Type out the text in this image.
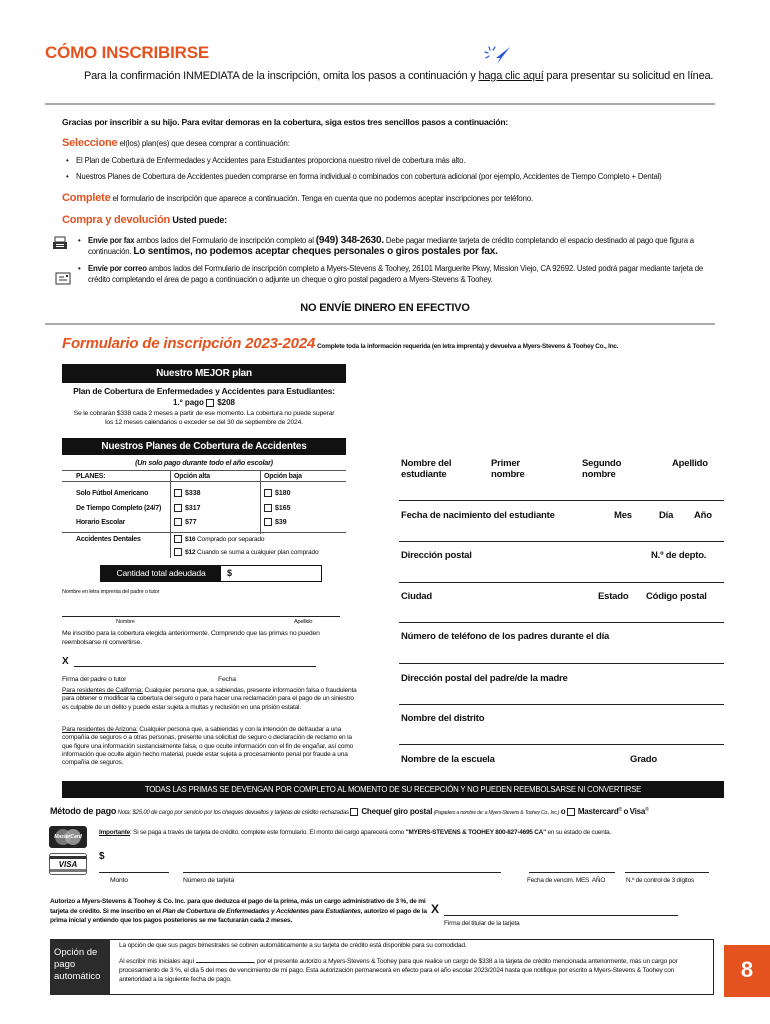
CÓMO INSCRIBIRSE
Para la confirmación INMEDIATA de la inscripción, omita los pasos a continuación y haga clic aquí para presentar su solicitud en línea.
Gracias por inscribir a su hijo. Para evitar demoras en la cobertura, siga estos tres sencillos pasos a continuación:
Seleccione el(los) plan(es) que desea comprar a continuación:
• El Plan de Cobertura de Enfermedades y Accidentes para Estudiantes proporciona nuestro nivel de cobertura más alto.
• Nuestros Planes de Cobertura de Accidentes pueden comprarse en forma individual o combinados con cobertura adicional (por ejemplo, Accidentes de Tiempo Completo + Dental)
Complete el formulario de inscripción que aparece a continuación. Tenga en cuenta que no podemos aceptar inscripciones por teléfono.
Compra y devolución Usted puede:
• Envíe por fax ambos lados del Formulario de inscripción completo al (949) 348-2630. Debe pagar mediante tarjeta de crédito completando el espacio destinado al pago que figura a continuación. Lo sentimos, no podemos aceptar cheques personales o giros postales por fax.
• Envíe por correo ambos lados del Formulario de inscripción completo a Myers-Stevens & Toohey, 26101 Marguerite Pkwy, Mission Viejo, CA 92692. Usted podrá pagar mediante tarjeta de crédito completando el área de pago a continuación o adjunte un cheque o giro postal pagadero a Myers-Stevens & Toohey.
NO ENVÍE DINERO EN EFECTIVO
Formulario de inscripción 2023-2024 Complete toda la información requerida (en letra imprenta) y devuelva a Myers-Stevens & Toohey Co., Inc.
Nuestro MEJOR plan
Plan de Cobertura de Enfermedades y Accidentes para Estudiantes:
1.º pago $208
Se le cobrarán $338 cada 2 meses a partir de ese momento. La cobertura no puede superar los 12 meses calendarios o exceder se del 30 de septiembre de 2024.
Nuestros Planes de Cobertura de Accidentes
(Un solo pago durante todo el año escolar)
PLANES:	Opción alta	Opción baja
Solo Fútbol Americano	$338	$180
De Tiempo Completo (24/7)	$317	$165
Horario Escolar	$77	$39
Accidentes Dentales	$16 Comprado por separado
$12 Cuando se suma a cualquier plan comprado
Cantidad total adeudada	$
Nombre en letra imprenta del padre o tutor
Nombre	Apellido
Me inscribo para la cobertura elegida anteriormente. Comprendo que las primas no pueden reembolsarse ni convertirse.
X
Firma del padre o tutor	Fecha
Para residentes de California: Cualquier persona que, a sabiendas, presente información falsa o fraudulenta para obtener o modificar la cobertura del seguro o para hacer una reclamación para el pago de un siniestro es culpable de un delito y puede estar sujeta a multas y reclusión en una prisión estatal.
Para residentes de Arizona: Cualquier persona que, a sabiendas y con la intención de defraudar a una compañía de seguros o a otras personas, presente una solicitud de seguro o declaración de reclamo en la que figure una información sustancialmente falsa, o que oculte información con el fin de engañar, así como información que oculte algún hecho material, puede estar sujeta a procesamiento penal por fraude a una compañía de seguros.
Nombre del estudiante
Primer nombre
Segundo nombre
Apellido
Fecha de nacimiento del estudiante	Mes	Día Año
Dirección postal	N.º de depto.
Ciudad	Estado Código postal
Número de teléfono de los padres durante el día
Dirección postal del padre/de la madre
Nombre del distrito
Nombre de la escuela	Grado
TODAS LAS PRIMAS SE DEVENGAN POR COMPLETO AL MOMENTO DE SU RECEPCIÓN Y NO PUEDEN REEMBOLSARSE NI CONVERTIRSE
Método de pago Nota: $25.00 de cargo por servicio por los cheques devueltos y tarjetas de crédito rechazadas Cheque/ giro postal (Pagadero a nombre de: a Myers-Stevens & Toohey Co., Inc.) o Mastercard® o Visa®
MasterCard
VISA
Importante: Si se paga a través de tarjeta de crédito, complete este formulario. El monto del cargo aparecerá como "MYERS-STEVENS & TOOHEY 800-827-4695 CA" en su estado de cuenta.
$
Monto	Número de tarjeta	Fecha de vencim. MES  AÑO	N.º de control de 3 dígitos
Autorizo a Myers-Stevens & Toohey & Co. Inc. para que deduzca el pago de la prima, más un cargo administrativo de 3 %, de mi tarjeta de crédito. Si me inscribo en el Plan de Cobertura de Enfermedades y Accidentes para Estudiantes, autorizo el pago de la prima inicial y entiendo que los pagos posteriores se me facturarán cada 2 meses.
X
Firma del titular de la tarjeta
Opción de pago automático
La opción de que sus pagos bimestrales se cobren automáticamente a su tarjeta de crédito está disponible para su comodidad.
Al escribir mis iniciales aquí	, por el presente autorizo a Myers-Stevens & Toohey para que realice un cargo de $338 a la tarjeta de crédito mencionada anteriormente, más un cargo por procesamiento de 3 %, el día 5 del mes de vencimiento de mi pago. Esta autorización permanecerá en efecto para el año escolar 2023/2024 hasta que notifique por escrito a Myers-Stevens & Toohey con anterioridad a la siguiente fecha de pago.	8
